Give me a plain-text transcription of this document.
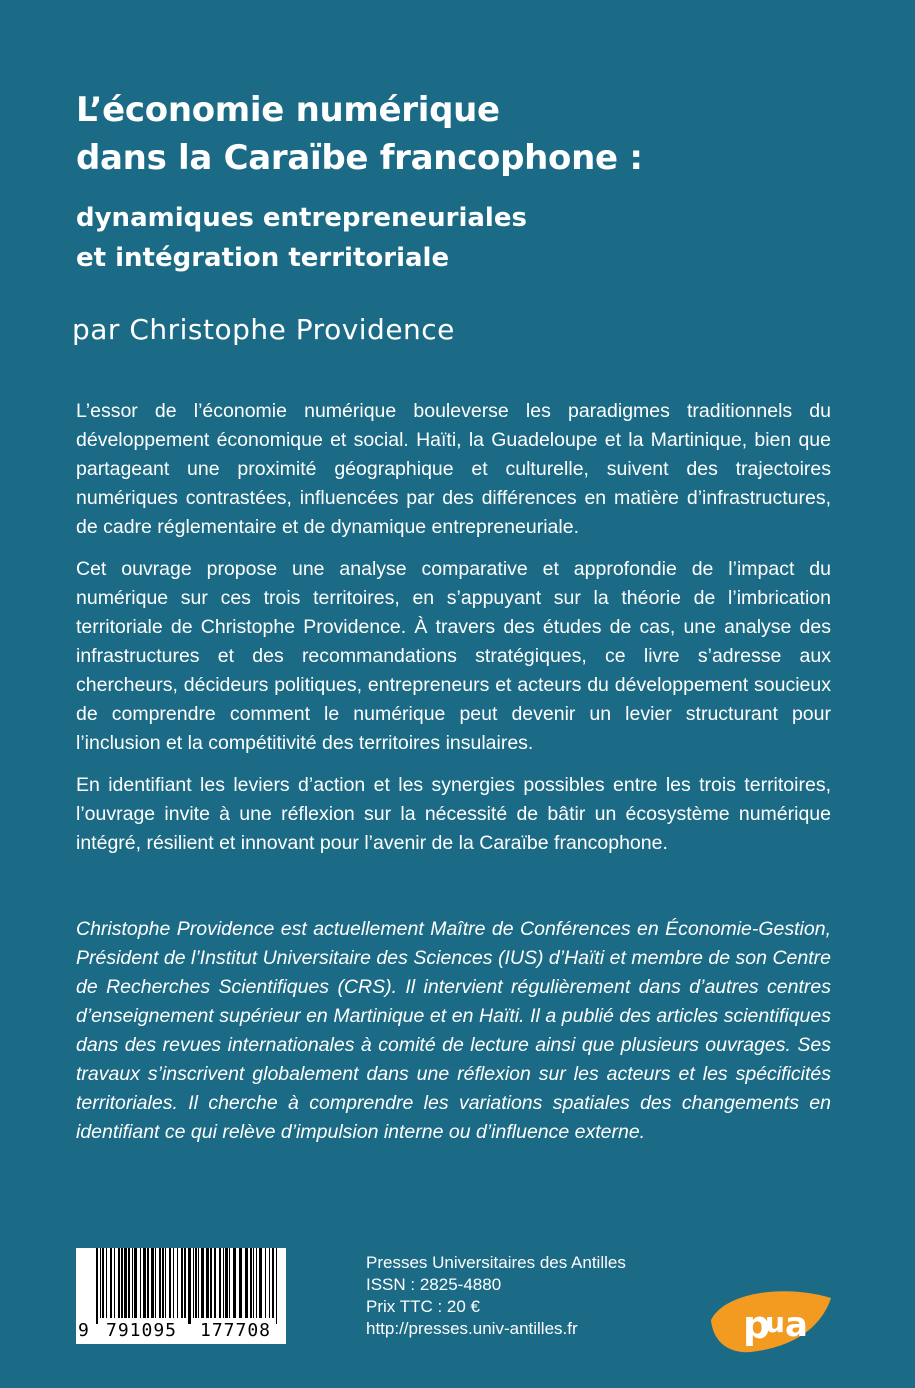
L’économie numérique
dans la Caraïbe francophone :
dynamiques entrepreneuriales
et intégration territoriale
par Christophe Providence

L’essor de l’économie numérique bouleverse les paradigmes traditionnels du développement économique et social. Haïti, la Guadeloupe et la Martinique, bien que partageant une proximité géographique et culturelle, suivent des trajectoires numériques contrastées, influencées par des différences en matière d’infrastructures, de cadre réglementaire et de dynamique entrepreneuriale.

Cet ouvrage propose une analyse comparative et approfondie de l’impact du numérique sur ces trois territoires, en s’appuyant sur la théorie de l’imbrication territoriale de Christophe Providence. À travers des études de cas, une analyse des infrastructures et des recommandations stratégiques, ce livre s’adresse aux chercheurs, décideurs politiques, entrepreneurs et acteurs du développement soucieux de comprendre comment le numérique peut devenir un levier structurant pour l’inclusion et la compétitivité des territoires insulaires.

En identifiant les leviers d’action et les synergies possibles entre les trois territoires, l’ouvrage invite à une réflexion sur la nécessité de bâtir un écosystème numérique intégré, résilient et innovant pour l’avenir de la Caraïbe francophone.

Christophe Providence est actuellement Maître de Conférences en Économie-Gestion, Président de l’Institut Universitaire des Sciences (IUS) d’Haïti et membre de son Centre de Recherches Scientifiques (CRS). Il intervient régulièrement dans d’autres centres d’enseignement supérieur en Martinique et en Haïti. Il a publié des articles scientifiques dans des revues internationales à comité de lecture ainsi que plusieurs ouvrages. Ses travaux s’inscrivent globalement dans une réflexion sur les acteurs et les spécificités territoriales. Il cherche à comprendre les variations spatiales des changements en identifiant ce qui relève d’impulsion interne ou d’influence externe.

9 791095 177708
Presses Universitaires des Antilles
ISSN : 2825-4880
Prix TTC : 20 €
http://presses.univ-antilles.fr	p
u a
